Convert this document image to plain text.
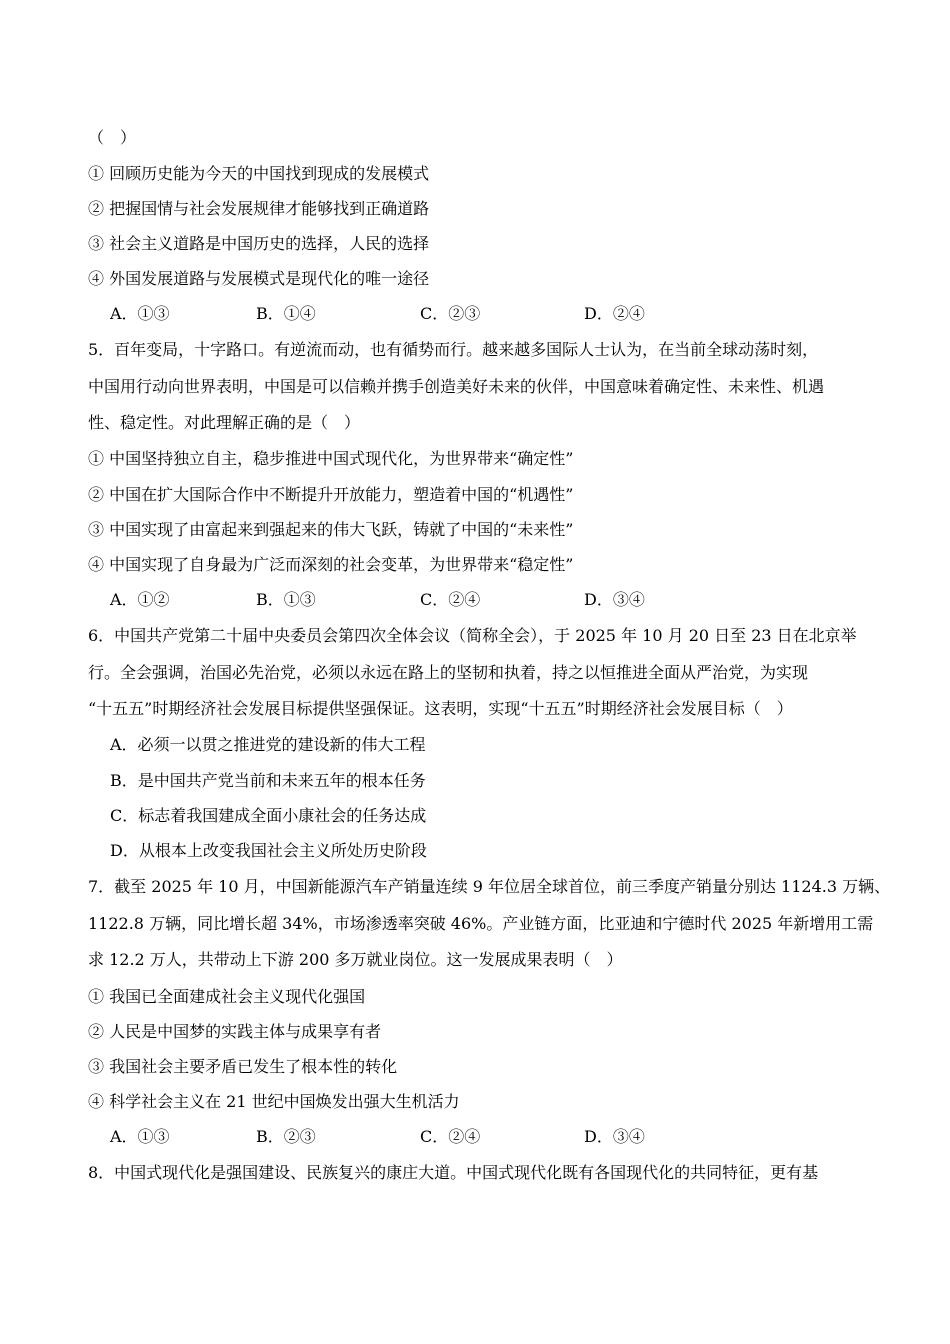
（　）
① 回顾历史能为今天的中国找到现成的发展模式
② 把握国情与社会发展规律才能够找到正确道路
③ 社会主义道路是中国历史的选择，人民的选择
④ 外国发展道路与发展模式是现代化的唯一途径
A．①③	B．①④	C．②③	D．②④
5．百年变局，十字路口。有逆流而动，也有循势而行。越来越多国际人士认为，在当前全球动荡时刻，
中国用行动向世界表明，中国是可以信赖并携手创造美好未来的伙伴，中国意味着确定性、未来性、机遇
性、稳定性。对此理解正确的是（　）
① 中国坚持独立自主，稳步推进中国式现代化，为世界带来“确定性”
② 中国在扩大国际合作中不断提升开放能力，塑造着中国的“机遇性”
③ 中国实现了由富起来到强起来的伟大飞跃，铸就了中国的“未来性”
④ 中国实现了自身最为广泛而深刻的社会变革，为世界带来“稳定性”
A．①②	B．①③	C．②④	D．③④
6．中国共产党第二十届中央委员会第四次全体会议（简称全会），于 2025 年 10 月 20 日至 23 日在北京举
行。全会强调，治国必先治党，必须以永远在路上的坚韧和执着，持之以恒推进全面从严治党，为实现
“十五五”时期经济社会发展目标提供坚强保证。这表明，实现“十五五”时期经济社会发展目标（　）
A．必须一以贯之推进党的建设新的伟大工程
B．是中国共产党当前和未来五年的根本任务
C．标志着我国建成全面小康社会的任务达成
D．从根本上改变我国社会主义所处历史阶段
7．截至 2025 年 10 月，中国新能源汽车产销量连续 9 年位居全球首位，前三季度产销量分别达 1124.3 万辆、
1122.8 万辆，同比增长超 34%，市场渗透率突破 46%。产业链方面，比亚迪和宁德时代 2025 年新增用工需
求 12.2 万人，共带动上下游 200 多万就业岗位。这一发展成果表明（　）
① 我国已全面建成社会主义现代化强国
② 人民是中国梦的实践主体与成果享有者
③ 我国社会主要矛盾已发生了根本性的转化
④ 科学社会主义在 21 世纪中国焕发出强大生机活力
A．①③	B．②③	C．②④	D．③④
8．中国式现代化是强国建设、民族复兴的康庄大道。中国式现代化既有各国现代化的共同特征，更有基
